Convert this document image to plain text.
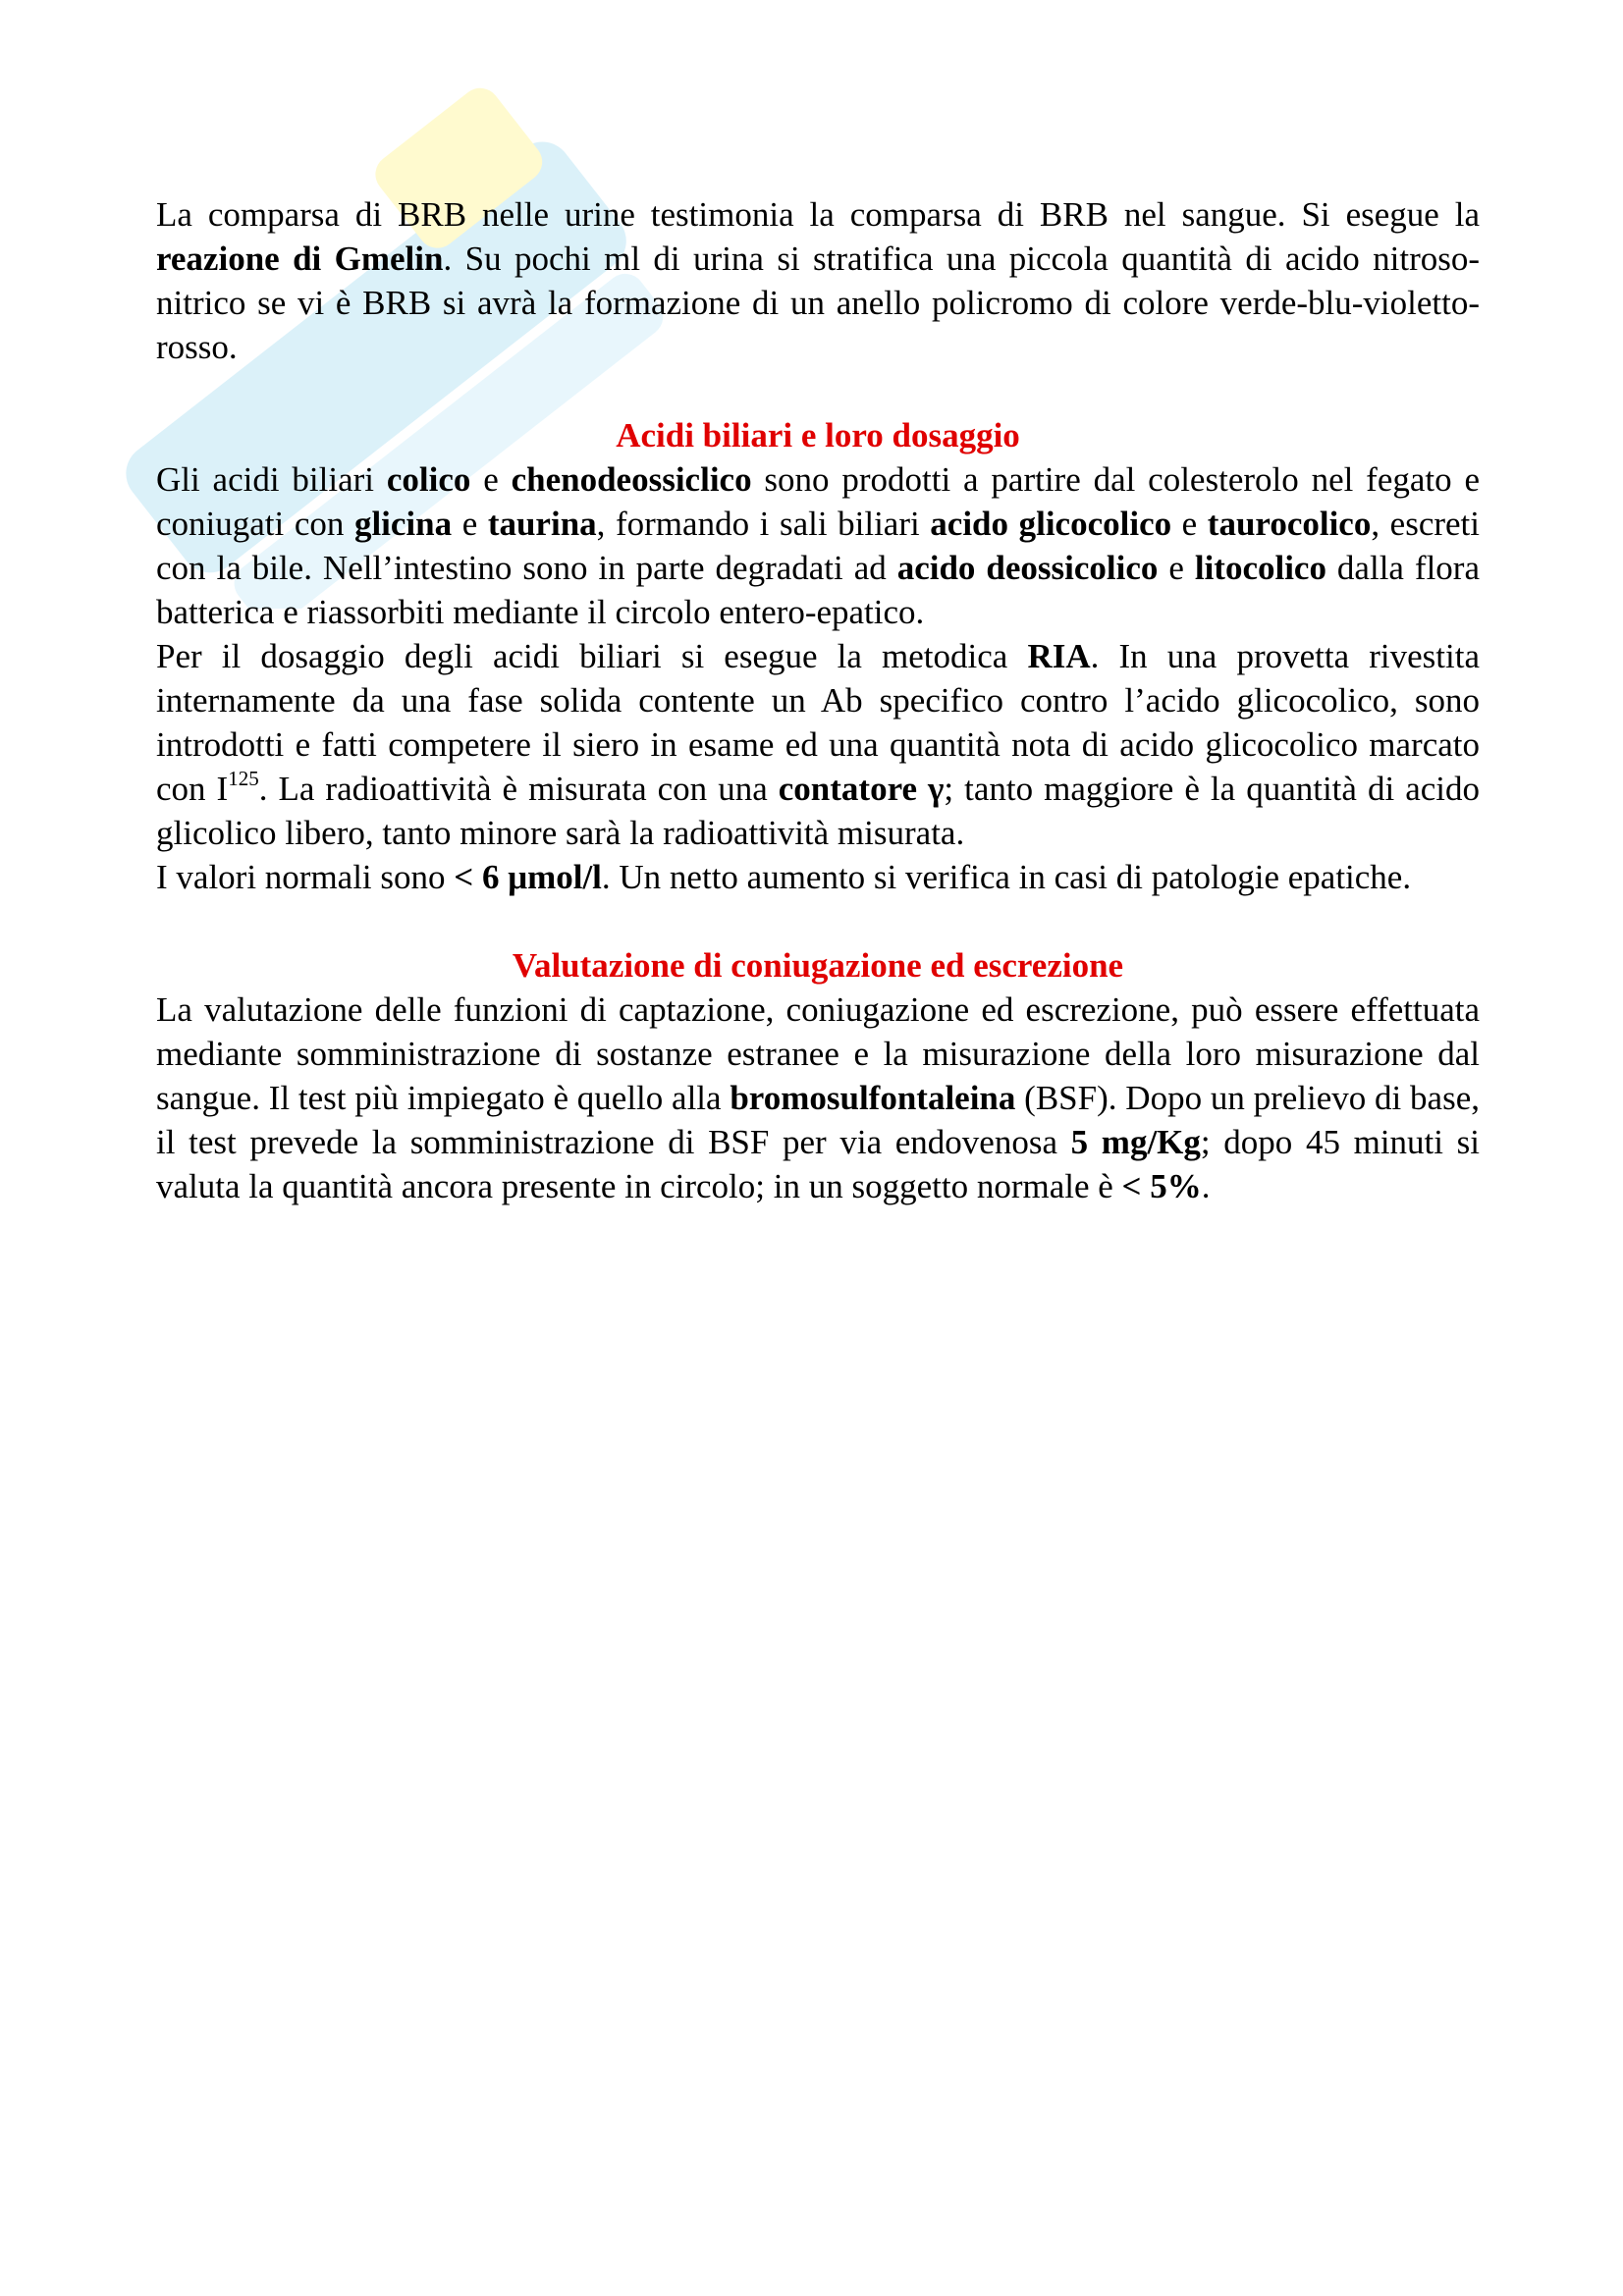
La comparsa di BRB nelle urine testimonia la comparsa di BRB nel sangue. Si esegue la reazione di Gmelin. Su pochi ml di urina si stratifica una piccola quantità di acido nitroso-nitrico se vi è BRB si avrà la formazione di un anello policromo di colore verde-blu-violetto-rosso.

Acidi biliari e loro dosaggio

Gli acidi biliari colico e chenodeossiclico sono prodotti a partire dal colesterolo nel fegato e coniugati con glicina e taurina, formando i sali biliari acido glicocolico e taurocolico, escreti con la bile. Nell’intestino sono in parte degradati ad acido deossicolico e litocolico dalla flora batterica e riassorbiti mediante il circolo entero-epatico.

Per il dosaggio degli acidi biliari si esegue la metodica RIA. In una provetta rivestita internamente da una fase solida contente un Ab specifico contro l’acido glicocolico, sono introdotti e fatti competere il siero in esame ed una quantità nota di acido glicocolico marcato con $I^{125}$. La radioattività è misurata con una contatore γ; tanto maggiore è la quantità di acido glicolico libero, tanto minore sarà la radioattività misurata.

I valori normali sono < 6 μmol/l. Un netto aumento si verifica in casi di patologie epatiche.

Valutazione di coniugazione ed escrezione

La valutazione delle funzioni di captazione, coniugazione ed escrezione, può essere effettuata mediante somministrazione di sostanze estranee e la misurazione della loro misurazione dal sangue. Il test più impiegato è quello alla bromosulfontaleina (BSF). Dopo un prelievo di base, il test prevede la somministrazione di BSF per via endovenosa 5 mg/Kg; dopo 45 minuti si valuta la quantità ancora presente in circolo; in un soggetto normale è < 5%.
